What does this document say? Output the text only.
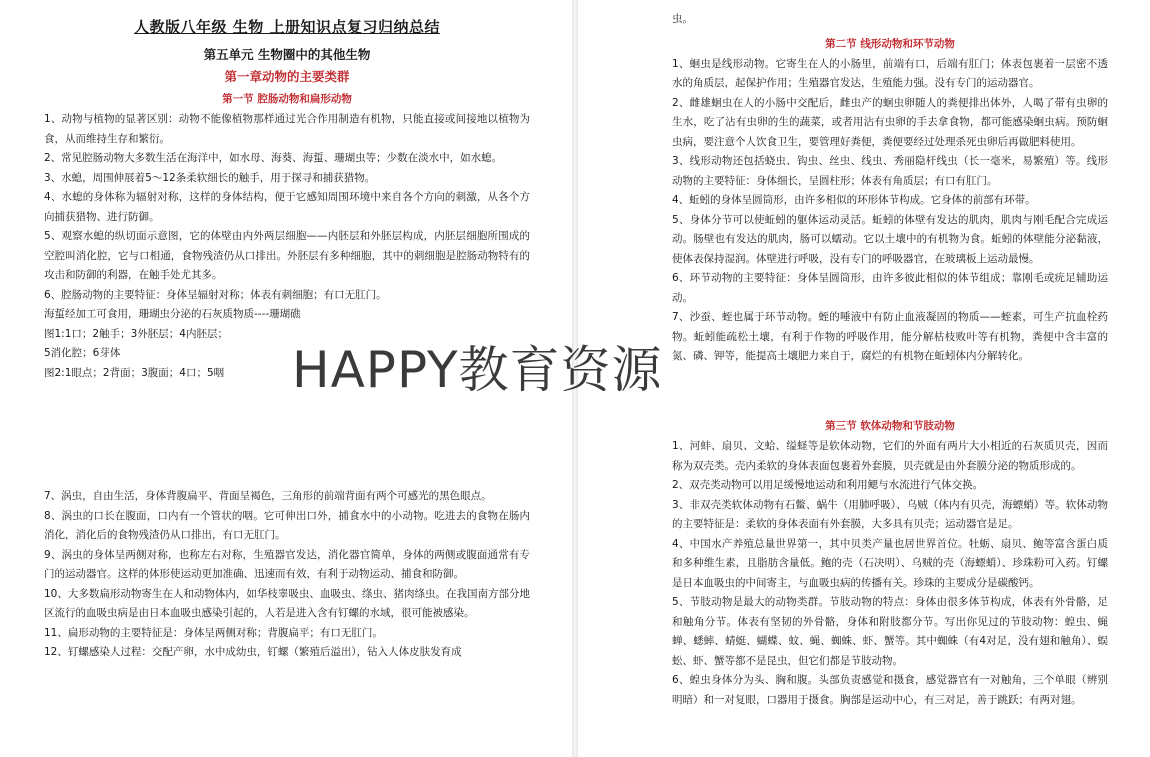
人教版八年级 生物 上册知识点复习归纳总结
第五单元 生物圈中的其他生物
第一章动物的主要类群
第一节 腔肠动物和扁形动物

1、动物与植物的显著区别：动物不能像植物那样通过光合作用制造有机物，只能直接或间接地以植物为食，从而维持生存和繁衍。

2、常见腔肠动物大多数生活在海洋中，如水母、海葵、海蜇、珊瑚虫等；少数在淡水中，如水螅。

3、水螅，周围伸展着5～12条柔软细长的触手，用于探寻和捕获猎物。

4、水螅的身体称为辐射对称，这样的身体结构，便于它感知周围环境中来自各个方向的刺激，从各个方向捕获猎物、进行防御。

5、观察水螅的纵切面示意图，它的体壁由内外两层细胞——内胚层和外胚层构成，内胚层细胞所围成的空腔叫消化腔，它与口相通，食物残渣仍从口排出。外胚层有多种细胞，其中的刺细胞是腔肠动物特有的攻击和防御的利器，在触手处尤其多。

6、腔肠动物的主要特征：身体呈辐射对称；体表有刺细胞；有口无肛门。

海蜇经加工可食用，珊瑚虫分泌的石灰质物质----珊瑚礁

图1:1口；2触手；3外胚层；4内胚层；

5消化腔；6芽体

图2:1眼点；2背面；3腹面；4口；5咽

7、涡虫，自由生活，身体背腹扁平、背面呈褐色，三角形的前端背面有两个可感光的黑色眼点。

8、涡虫的口长在腹面，口内有一个管状的咽。它可伸出口外，捕食水中的小动物。吃进去的食物在肠内消化，消化后的食物残渣仍从口排出，有口无肛门。

9、涡虫的身体呈两侧对称，也称左右对称，生殖器官发达，消化器官简单，身体的两侧或腹面通常有专门的运动器官。这样的体形使运动更加准确、迅速而有效，有利于动物运动、捕食和防御。

10、大多数扁形动物寄生在人和动物体内，如华枝睾吸虫、血吸虫、绦虫、猪肉绦虫。在我国南方部分地区流行的血吸虫病是由日本血吸虫感染引起的，人若是进入含有钉螺的水域，很可能被感染。

11、扁形动物的主要特征是：身体呈两侧对称；背腹扁平；有口无肛门。

12、钉螺感染人过程：交配产卵，水中成幼虫，钉螺（繁殖后溢出），钻入人体皮肤发育成

虫。

第二节 线形动物和环节动物

1、蛔虫是线形动物。它寄生在人的小肠里，前端有口，后端有肛门；体表包裹着一层密不透水的角质层，起保护作用；生殖器官发达，生殖能力强。没有专门的运动器官。

2、雌雄蛔虫在人的小肠中交配后，雌虫产的蛔虫卵随人的粪便排出体外，人喝了带有虫卵的生水，吃了沾有虫卵的生的蔬菜，或者用沾有虫卵的手去拿食物，都可能感染蛔虫病。预防蛔虫病，要注意个人饮食卫生，要管理好粪便，粪便要经过处理杀死虫卵后再做肥料使用。

3、线形动物还包括蛲虫、钩虫、丝虫、线虫、秀丽隐杆线虫（长一毫米，易繁殖）等。线形动物的主要特征：身体细长，呈圆柱形；体表有角质层；有口有肛门。

4、蚯蚓的身体呈圆筒形，由许多相似的环形体节构成。它身体的前部有环带。

5、身体分节可以使蚯蚓的躯体运动灵活。蚯蚓的体壁有发达的肌肉，肌肉与刚毛配合完成运动。肠壁也有发达的肌肉，肠可以蠕动。它以土壤中的有机物为食。蚯蚓的体壁能分泌黏液，使体表保持湿润。体壁进行呼吸，没有专门的呼吸器官，在玻璃板上运动最慢。

6、环节动物的主要特征：身体呈圆筒形，由许多彼此相似的体节组成；靠刚毛或疣足辅助运动。

7、沙蚕、蛭也属于环节动物。蛭的唾液中有防止血液凝固的物质——蛭素，可生产抗血栓药物。蚯蚓能疏松土壤，有利于作物的呼吸作用，能分解枯枝败叶等有机物，粪便中含丰富的氮、磷、钾等，能提高土壤肥力来自于，腐烂的有机物在蚯蚓体内分解转化。

第三节 软体动物和节肢动物

1、河蚌、扇贝、文蛤、缢蛏等是软体动物，它们的外面有两片大小相近的石灰质贝壳，因而称为双壳类。壳内柔软的身体表面包裹着外套膜，贝壳就是由外套膜分泌的物质形成的。

2、双壳类动物可以用足缓慢地运动和利用鳃与水流进行气体交换。

3、非双壳类软体动物有石鳖、蜗牛（用肺呼吸）、乌贼（体内有贝壳，海螵蛸）等。软体动物的主要特征是：柔软的身体表面有外套膜，大多具有贝壳；运动器官是足。

4、中国水产养殖总量世界第一，其中贝类产量也居世界首位。牡蛎、扇贝、鲍等富含蛋白质和多种维生素，且脂肪含量低。鲍的壳（石决明）、乌贼的壳（海螵蛸）、珍珠粉可入药。钉螺是日本血吸虫的中间寄主，与血吸虫病的传播有关。珍珠的主要成分是碳酸钙。

5、节肢动物是最大的动物类群。节肢动物的特点：身体由很多体节构成，体表有外骨骼，足和触角分节。体表有坚韧的外骨骼，身体和附肢都分节。写出你见过的节肢动物：蝗虫、蝇蝉、蟋蟀、蜻蜓、蝴蝶、蚊、蝇、蜘蛛、虾、蟹等。其中蜘蛛（有4对足，没有翅和触角）、蜈蚣、虾、蟹等都不是昆虫，但它们都是节肢动物。

6、蝗虫身体分为头、胸和腹。头部负责感觉和摄食，感觉器官有一对触角，三个单眼（辨别明暗）和一对复眼，口器用于摄食。胸部是运动中心，有三对足，善于跳跃；有两对翅。

HAPPY教育资源
